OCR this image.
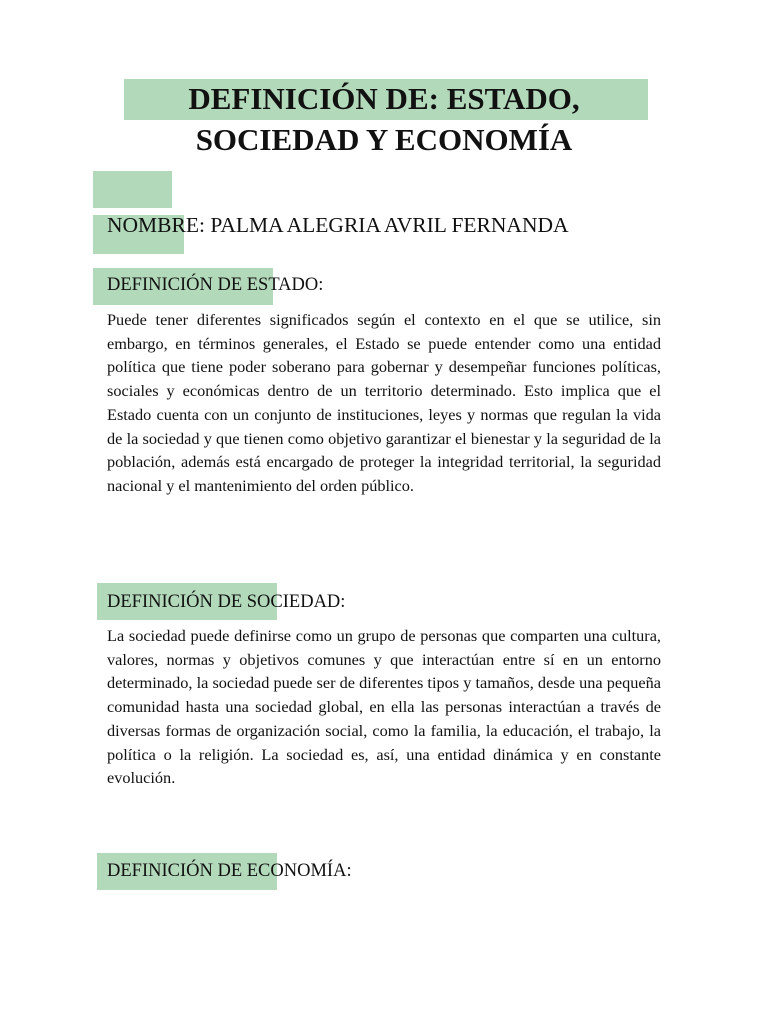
DEFINICIÓN DE: ESTADO,
SOCIEDAD Y ECONOMÍA
NOMBRE: PALMA ALEGRIA AVRIL FERNANDA
DEFINICIÓN DE ESTADO:
Puede tener diferentes significados según el contexto en el que se utilice, sin embargo, en términos generales, el Estado se puede entender como una entidad política que tiene poder soberano para gobernar y desempeñar funciones políticas, sociales y económicas dentro de un territorio determinado. Esto implica que el Estado cuenta con un conjunto de instituciones, leyes y normas que regulan la vida de la sociedad y que tienen como objetivo garantizar el bienestar y la seguridad de la población, además está encargado de proteger la integridad territorial, la seguridad nacional y el mantenimiento del orden público.
DEFINICIÓN DE SOCIEDAD:
La sociedad puede definirse como un grupo de personas que comparten una cultura, valores, normas y objetivos comunes y que interactúan entre sí en un entorno determinado, la sociedad puede ser de diferentes tipos y tamaños, desde una pequeña comunidad hasta una sociedad global, en ella las personas interactúan a través de diversas formas de organización social, como la familia, la educación, el trabajo, la política o la religión. La sociedad es, así, una entidad dinámica y en constante evolución.
DEFINICIÓN DE ECONOMÍA:
